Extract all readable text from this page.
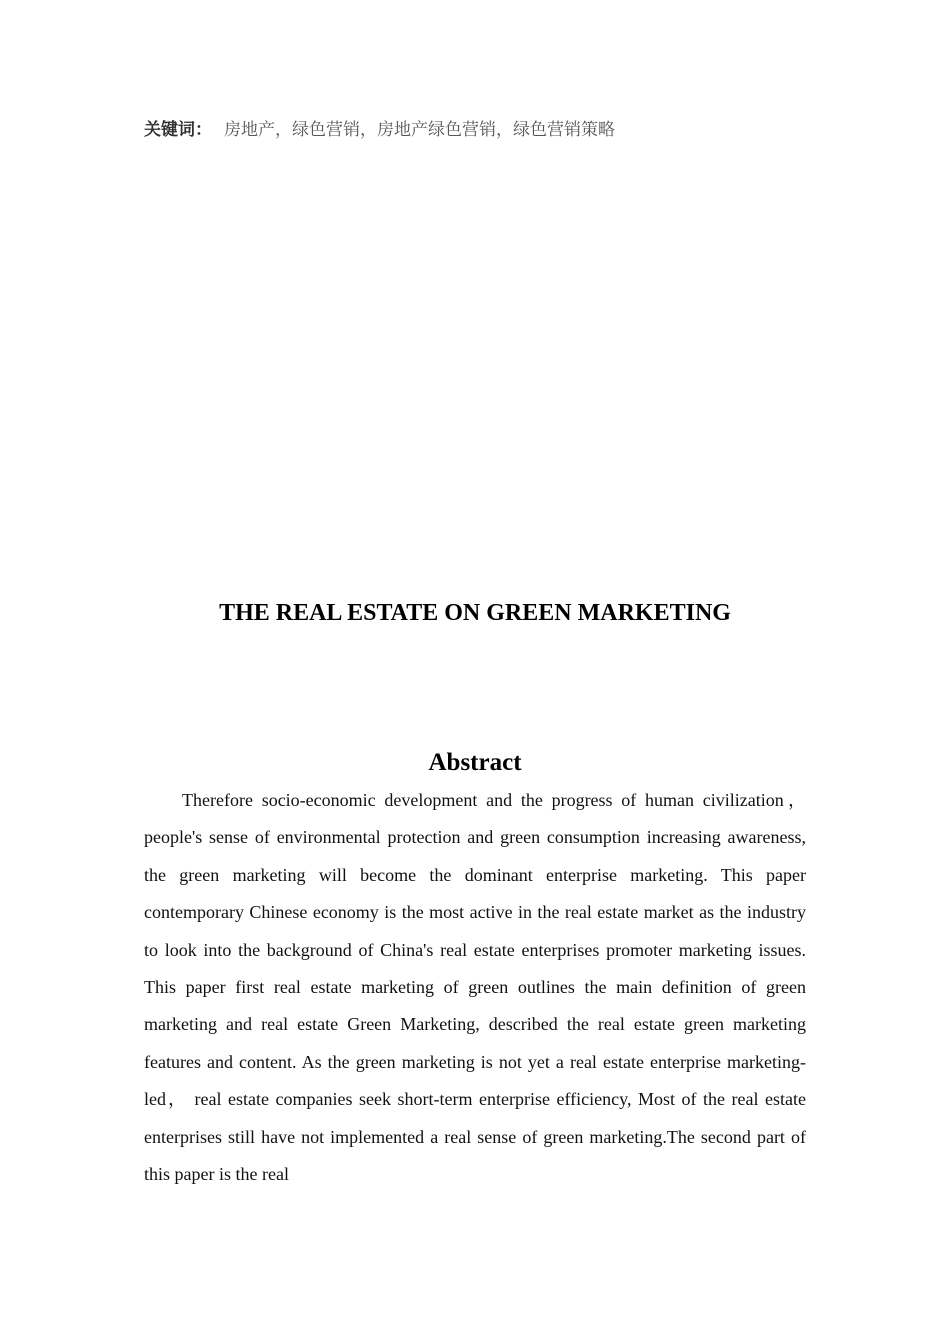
关键词： 房地产，绿色营销，房地产绿色营销，绿色营销策略
THE REAL ESTATE ON GREEN MARKETING
Abstract

Therefore socio-economic development and the progress of human civilization， people's sense of environmental protection and green consumption increasing awareness, the green marketing will become the dominant enterprise marketing. This paper contemporary Chinese economy is the most active in the real estate market as the industry to look into the background of China's real estate enterprises promoter marketing issues. This paper first real estate marketing of green outlines the main definition of green marketing and real estate Green Marketing, described the real estate green marketing features and content. As the green marketing is not yet a real estate enterprise marketing-led， real estate companies seek short-term enterprise efficiency, Most of the real estate enterprises still have not implemented a real sense of green marketing.The second part of this paper is the real
